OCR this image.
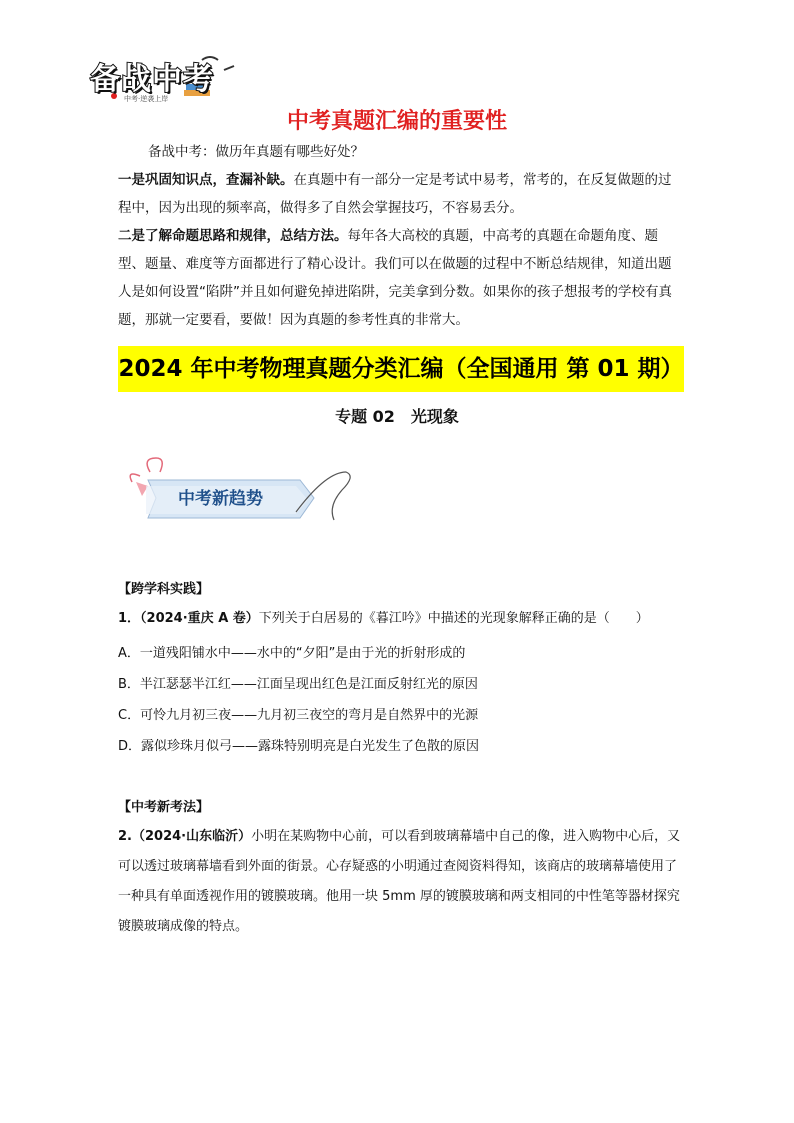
备战中考
中考·逆袭上岸
中考真题汇编的重要性
备战中考：做历年真题有哪些好处？
一是巩固知识点，查漏补缺。在真题中有一部分一定是考试中易考，常考的，在反复做题的过程中，因为出现的频率高，做得多了自然会掌握技巧，不容易丢分。
二是了解命题思路和规律，总结方法。每年各大高校的真题，中高考的真题在命题角度、题型、题量、难度等方面都进行了精心设计。我们可以在做题的过程中不断总结规律，知道出题人是如何设置“陷阱”并且如何避免掉进陷阱，完美拿到分数。如果你的孩子想报考的学校有真题，那就一定要看，要做！因为真题的参考性真的非常大。
2024 年中考物理真题分类汇编（全国通用 第 01 期）
专题 02　光现象
中考新趋势
【跨学科实践】
1．（2024·重庆 A 卷）下列关于白居易的《暮江吟》中描述的光现象解释正确的是（　　）
A．一道残阳铺水中——水中的“夕阳”是由于光的折射形成的
B．半江瑟瑟半江红——江面呈现出红色是江面反射红光的原因
C．可怜九月初三夜——九月初三夜空的弯月是自然界中的光源
D．露似珍珠月似弓——露珠特别明亮是白光发生了色散的原因
【中考新考法】
2.（2024·山东临沂）小明在某购物中心前，可以看到玻璃幕墙中自己的像，进入购物中心后，又可以透过玻璃幕墙看到外面的街景。心存疑惑的小明通过查阅资料得知，该商店的玻璃幕墙使用了一种具有单面透视作用的镀膜玻璃。他用一块 5mm 厚的镀膜玻璃和两支相同的中性笔等器材探究镀膜玻璃成像的特点。
